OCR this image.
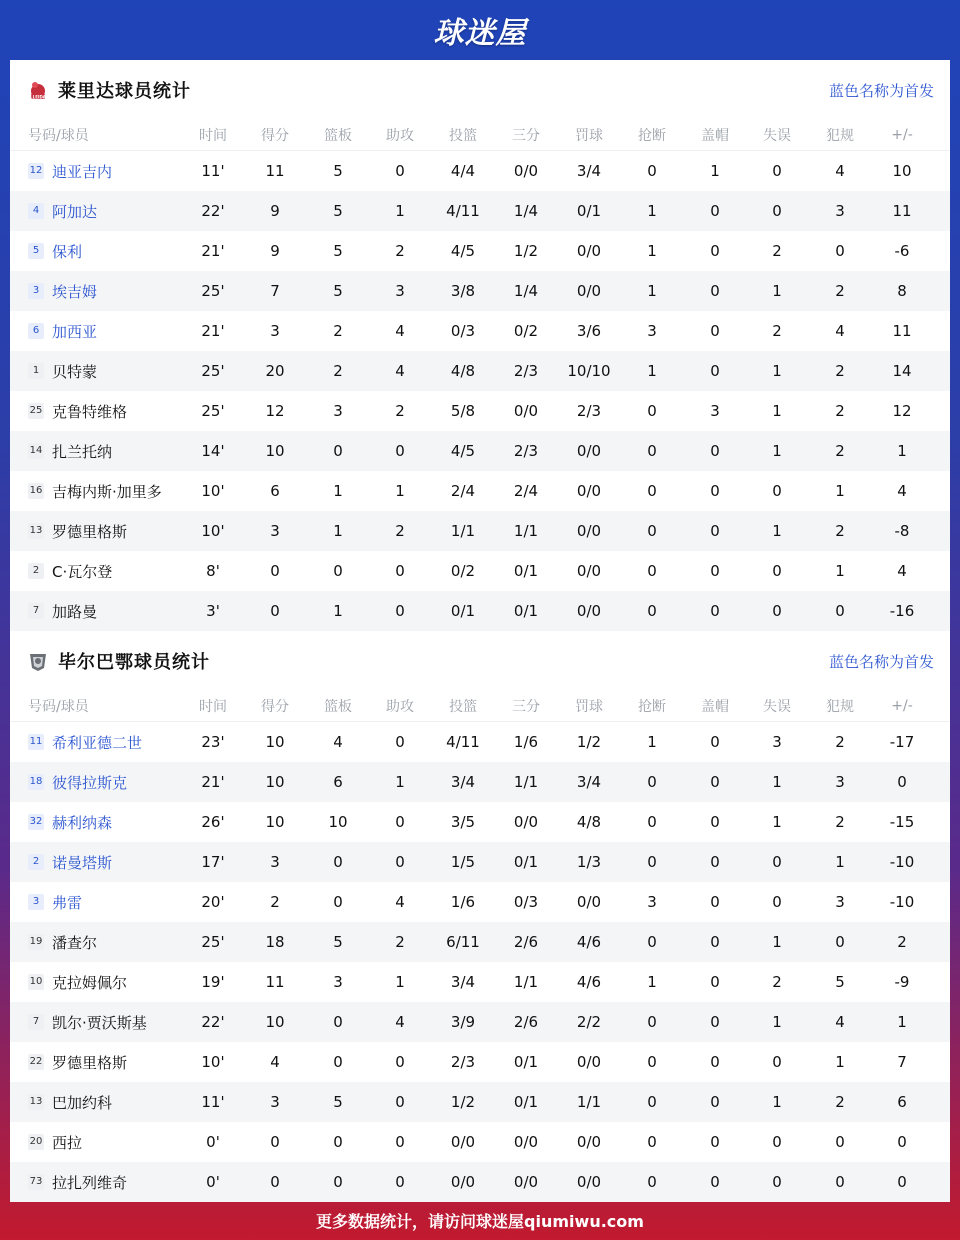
球迷屋
LLEIDA 莱里达球员统计	蓝色名称为首发
号码/球员	时间	得分	篮板	助攻	投篮	三分	罚球	抢断	盖帽	失误	犯规	+/-
12 迪亚吉内	11'	11	5	0	4/4	0/0	3/4	0	1	0	4	10
4 阿加达	22'	9	5	1	4/11	1/4	0/1	1	0	0	3	11
5 保利	21'	9	5	2	4/5	1/2	0/0	1	0	2	0	-6
3 埃吉姆	25'	7	5	3	3/8	1/4	0/0	1	0	1	2	8
6 加西亚	21'	3	2	4	0/3	0/2	3/6	3	0	2	4	11
1 贝特蒙	25'	20	2	4	4/8	2/3	10/10	1	0	1	2	14
25 克鲁特维格	25'	12	3	2	5/8	0/0	2/3	0	3	1	2	12
14 扎兰托纳	14'	10	0	0	4/5	2/3	0/0	0	0	1	2	1
16 吉梅内斯·加里多	10'	6	1	1	2/4	2/4	0/0	0	0	0	1	4
13 罗德里格斯	10'	3	1	2	1/1	1/1	0/0	0	0	1	2	-8
2 C·瓦尔登	8'	0	0	0	0/2	0/1	0/0	0	0	0	1	4
7 加路曼	3'	0	1	0	0/1	0/1	0/0	0	0	0	0	-16
毕尔巴鄂球员统计	蓝色名称为首发
号码/球员	时间	得分	篮板	助攻	投篮	三分	罚球	抢断	盖帽	失误	犯规	+/-
11 希利亚德二世	23'	10	4	0	4/11	1/6	1/2	1	0	3	2	-17
18 彼得拉斯克	21'	10	6	1	3/4	1/1	3/4	0	0	1	3	0
32 赫利纳森	26'	10	10	0	3/5	0/0	4/8	0	0	1	2	-15
2 诺曼塔斯	17'	3	0	0	1/5	0/1	1/3	0	0	0	1	-10
3 弗雷	20'	2	0	4	1/6	0/3	0/0	3	0	0	3	-10
19 潘查尔	25'	18	5	2	6/11	2/6	4/6	0	0	1	0	2
10 克拉姆佩尔	19'	11	3	1	3/4	1/1	4/6	1	0	2	5	-9
7 凯尔·贾沃斯基	22'	10	0	4	3/9	2/6	2/2	0	0	1	4	1
22 罗德里格斯	10'	4	0	0	2/3	0/1	0/0	0	0	0	1	7
13 巴加约科	11'	3	5	0	1/2	0/1	1/1	0	0	1	2	6
20 西拉	0'	0	0	0	0/0	0/0	0/0	0	0	0	0	0
73 拉扎列维奇	0'	0	0	0	0/0	0/0	0/0	0	0	0	0	0
更多数据统计，请访问球迷屋qiumiwu.com
